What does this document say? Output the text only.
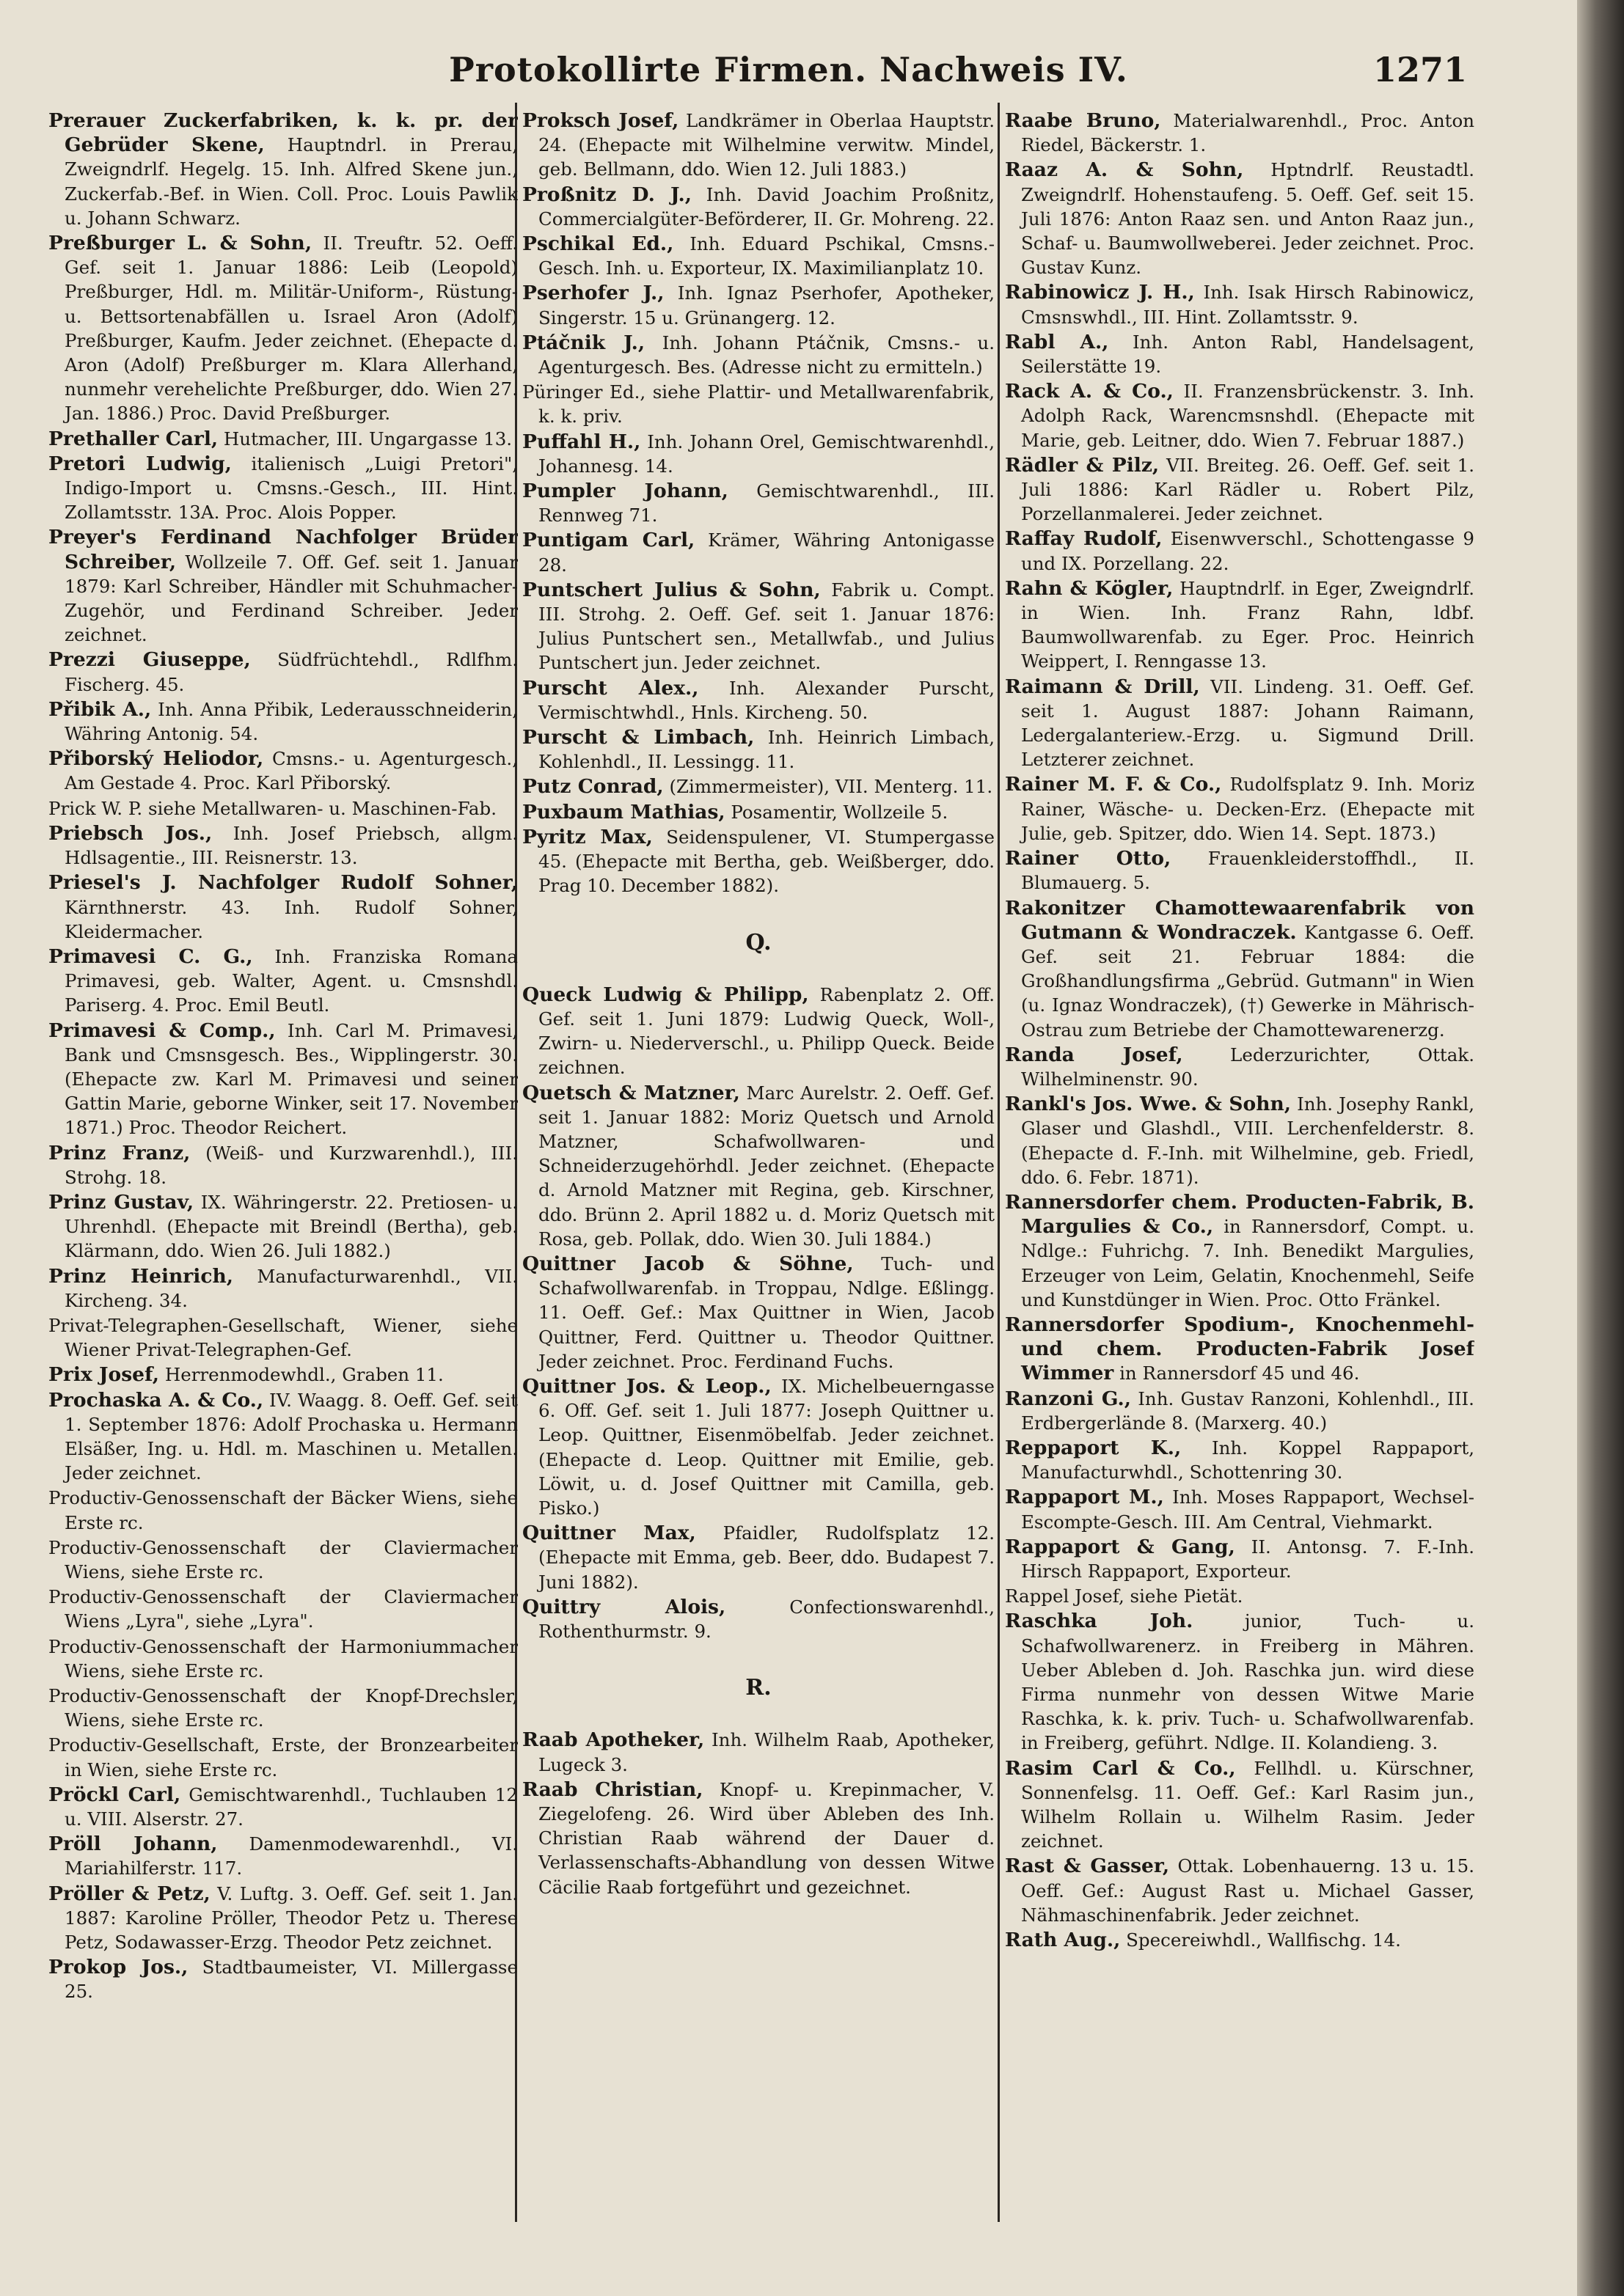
Protokollirte Firmen. Nachweis IV.	1271
Prerauer Zuckerfabriken, k. k. pr. der Gebrüder Skene, Hauptndrl. in Prerau, Zweigndrlf. Hegelg. 15. Inh. Alfred Skene jun., Zuckerfab.-Bef. in Wien. Coll. Proc. Louis Pawlik u. Johann Schwarz.
Preßburger L. & Sohn, II. Treuftr. 52. Oeff. Gef. seit 1. Januar 1886: Leib (Leopold) Preßburger, Hdl. m. Militär-Uniform-, Rüstung- u. Bettsortenabfällen u. Israel Aron (Adolf) Preßburger, Kaufm. Jeder zeichnet. (Ehepacte d. Aron (Adolf) Preßburger m. Klara Allerhand, nunmehr verehelichte Preßburger, ddo. Wien 27. Jan. 1886.) Proc. David Preßburger.
Prethaller Carl, Hutmacher, III. Ungargasse 13.
Pretori Ludwig, italienisch „Luigi Pretori", Indigo-Import u. Cmsns.-Gesch., III. Hint. Zollamtsstr. 13A. Proc. Alois Popper.
Preyer's Ferdinand Nachfolger Brüder Schreiber, Wollzeile 7. Off. Gef. seit 1. Januar 1879: Karl Schreiber, Händler mit Schuhmacher-Zugehör, und Ferdinand Schreiber. Jeder zeichnet.
Prezzi Giuseppe, Südfrüchtehdl., Rdlfhm. Fischerg. 45.
Přibik A., Inh. Anna Přibik, Lederausschneiderin, Währing Antonig. 54.
Přiborský Heliodor, Cmsns.- u. Agenturgesch., Am Gestade 4. Proc. Karl Přiborský.
Prick W. P. siehe Metallwaren- u. Maschinen-Fab.
Priebsch Jos., Inh. Josef Priebsch, allgm. Hdlsagentie., III. Reisnerstr. 13.
Priesel's J. Nachfolger Rudolf Sohner, Kärnthnerstr. 43. Inh. Rudolf Sohner, Kleidermacher.
Primavesi C. G., Inh. Franziska Romana Primavesi, geb. Walter, Agent. u. Cmsnshdl. Pariserg. 4. Proc. Emil Beutl.
Primavesi & Comp., Inh. Carl M. Primavesi, Bank und Cmsnsgesch. Bes., Wipplingerstr. 30. (Ehepacte zw. Karl M. Primavesi und seiner Gattin Marie, geborne Winker, seit 17. November 1871.) Proc. Theodor Reichert.
Prinz Franz, (Weiß- und Kurzwarenhdl.), III. Strohg. 18.
Prinz Gustav, IX. Währingerstr. 22. Pretiosen- u. Uhrenhdl. (Ehepacte mit Breindl (Bertha), geb. Klärmann, ddo. Wien 26. Juli 1882.)
Prinz Heinrich, Manufacturwarenhdl., VII. Kircheng. 34.
Privat-Telegraphen-Gesellschaft, Wiener, siehe Wiener Privat-Telegraphen-Gef.
Prix Josef, Herrenmodewhdl., Graben 11.
Prochaska A. & Co., IV. Waagg. 8. Oeff. Gef. seit 1. September 1876: Adolf Prochaska u. Hermann Elsäßer, Ing. u. Hdl. m. Maschinen u. Metallen. Jeder zeichnet.
Productiv-Genossenschaft der Bäcker Wiens, siehe Erste rc.
Productiv-Genossenschaft der Claviermacher Wiens, siehe Erste rc.
Productiv-Genossenschaft der Claviermacher Wiens „Lyra", siehe „Lyra".
Productiv-Genossenschaft der Harmoniummacher Wiens, siehe Erste rc.
Productiv-Genossenschaft der Knopf-Drechsler, Wiens, siehe Erste rc.
Productiv-Gesellschaft, Erste, der Bronzearbeiter in Wien, siehe Erste rc.
Pröckl Carl, Gemischtwarenhdl., Tuchlauben 12 u. VIII. Alserstr. 27.
Pröll Johann, Damenmodewarenhdl., VI. Mariahilferstr. 117.
Pröller & Petz, V. Luftg. 3. Oeff. Gef. seit 1. Jan. 1887: Karoline Pröller, Theodor Petz u. Therese Petz, Sodawasser-Erzg. Theodor Petz zeichnet.
Prokop Jos., Stadtbaumeister, VI. Millergasse 25.
Proksch Josef, Landkrämer in Oberlaa Hauptstr. 24. (Ehepacte mit Wilhelmine verwitw. Mindel, geb. Bellmann, ddo. Wien 12. Juli 1883.)
Proßnitz D. J., Inh. David Joachim Proßnitz, Commercialgüter-Beförderer, II. Gr. Mohreng. 22.
Pschikal Ed., Inh. Eduard Pschikal, Cmsns.-Gesch. Inh. u. Exporteur, IX. Maximilianplatz 10.
Pserhofer J., Inh. Ignaz Pserhofer, Apotheker, Singerstr. 15 u. Grünangerg. 12.
Ptáčnik J., Inh. Johann Ptáčnik, Cmsns.- u. Agenturgesch. Bes. (Adresse nicht zu ermitteln.)
Püringer Ed., siehe Plattir- und Metallwarenfabrik, k. k. priv.
Puffahl H., Inh. Johann Orel, Gemischtwarenhdl., Johannesg. 14.
Pumpler Johann, Gemischtwarenhdl., III. Rennweg 71.
Puntigam Carl, Krämer, Währing Antonigasse 28.
Puntschert Julius & Sohn, Fabrik u. Compt. III. Strohg. 2. Oeff. Gef. seit 1. Januar 1876: Julius Puntschert sen., Metallwfab., und Julius Puntschert jun. Jeder zeichnet.
Purscht Alex., Inh. Alexander Purscht, Vermischtwhdl., Hnls. Kircheng. 50.
Purscht & Limbach, Inh. Heinrich Limbach, Kohlenhdl., II. Lessingg. 11.
Putz Conrad, (Zimmermeister), VII. Menterg. 11.
Puxbaum Mathias, Posamentir, Wollzeile 5.
Pyritz Max, Seidenspulener, VI. Stumpergasse 45. (Ehepacte mit Bertha, geb. Weißberger, ddo. Prag 10. December 1882).
Q.
Queck Ludwig & Philipp, Rabenplatz 2. Off. Gef. seit 1. Juni 1879: Ludwig Queck, Woll-, Zwirn- u. Niederverschl., u. Philipp Queck. Beide zeichnen.
Quetsch & Matzner, Marc Aurelstr. 2. Oeff. Gef. seit 1. Januar 1882: Moriz Quetsch und Arnold Matzner, Schafwollwaren- und Schneiderzugehörhdl. Jeder zeichnet. (Ehepacte d. Arnold Matzner mit Regina, geb. Kirschner, ddo. Brünn 2. April 1882 u. d. Moriz Quetsch mit Rosa, geb. Pollak, ddo. Wien 30. Juli 1884.)
Quittner Jacob & Söhne, Tuch- und Schafwollwarenfab. in Troppau, Ndlge. Eßlingg. 11. Oeff. Gef.: Max Quittner in Wien, Jacob Quittner, Ferd. Quittner u. Theodor Quittner. Jeder zeichnet. Proc. Ferdinand Fuchs.
Quittner Jos. & Leop., IX. Michelbeuerngasse 6. Off. Gef. seit 1. Juli 1877: Joseph Quittner u. Leop. Quittner, Eisenmöbelfab. Jeder zeichnet. (Ehepacte d. Leop. Quittner mit Emilie, geb. Löwit, u. d. Josef Quittner mit Camilla, geb. Pisko.)
Quittner Max, Pfaidler, Rudolfsplatz 12. (Ehepacte mit Emma, geb. Beer, ddo. Budapest 7. Juni 1882).
Quittry Alois,	Confectionswarenhdl., Rothenthurmstr. 9.
R.
Raab Apotheker, Inh. Wilhelm Raab, Apotheker, Lugeck 3.
Raab Christian, Knopf- u. Krepinmacher, V. Ziegelofeng. 26. Wird über Ableben des Inh. Christian Raab während der Dauer d. Verlassenschafts-Abhandlung von dessen Witwe Cäcilie Raab fortgeführt und gezeichnet.
Raabe Bruno, Materialwarenhdl., Proc. Anton Riedel, Bäckerstr. 1.
Raaz A. & Sohn, Hptndrlf. Reustadtl. Zweigndrlf. Hohenstaufeng. 5. Oeff. Gef. seit 15. Juli 1876: Anton Raaz sen. und Anton Raaz jun., Schaf- u. Baumwollweberei. Jeder zeichnet. Proc. Gustav Kunz.
Rabinowicz J. H., Inh. Isak Hirsch Rabinowicz, Cmsnswhdl., III. Hint. Zollamtsstr. 9.
Rabl A., Inh. Anton Rabl, Handelsagent, Seilerstätte 19.
Rack A. & Co., II. Franzensbrückenstr. 3. Inh. Adolph Rack, Warencmsnshdl. (Ehepacte mit Marie, geb. Leitner, ddo. Wien 7. Februar 1887.)
Rädler & Pilz, VII. Breiteg. 26. Oeff. Gef. seit 1. Juli 1886: Karl Rädler u. Robert Pilz, Porzellanmalerei. Jeder zeichnet.
Raffay Rudolf, Eisenwverschl., Schottengasse 9 und IX. Porzellang. 22.
Rahn & Kögler, Hauptndrlf. in Eger, Zweigndrlf. in Wien. Inh. Franz Rahn, ldbf. Baumwollwarenfab. zu Eger. Proc. Heinrich Weippert, I. Renngasse 13.
Raimann & Drill, VII. Lindeng. 31. Oeff. Gef. seit 1. August 1887: Johann Raimann, Ledergalanteriew.-Erzg. u. Sigmund Drill. Letzterer zeichnet.
Rainer M. F. & Co., Rudolfsplatz 9. Inh. Moriz Rainer, Wäsche- u. Decken-Erz. (Ehepacte mit Julie, geb. Spitzer, ddo. Wien 14. Sept. 1873.)
Rainer Otto, Frauenkleiderstoffhdl., II. Blumauerg. 5.
Rakonitzer Chamottewaarenfabrik von Gutmann & Wondraczek. Kantgasse 6. Oeff. Gef. seit 21. Februar 1884: die Großhandlungsfirma „Gebrüd. Gutmann" in Wien (u. Ignaz Wondraczek), (†) Gewerke in Mährisch-Ostrau zum Betriebe der Chamottewarenerzg.
Randa Josef,	Lederzurichter, Ottak. Wilhelminenstr. 90.
Rankl's Jos. Wwe. & Sohn, Inh. Josephy Rankl, Glaser und Glashdl., VIII. Lerchenfelderstr. 8. (Ehepacte d. F.-Inh. mit Wilhelmine, geb. Friedl, ddo. 6. Febr. 1871).
Rannersdorfer chem. Producten-Fabrik, B. Margulies & Co., in Rannersdorf, Compt. u. Ndlge.: Fuhrichg. 7. Inh. Benedikt Margulies, Erzeuger von Leim, Gelatin, Knochenmehl, Seife und Kunstdünger in Wien. Proc. Otto Fränkel.
Rannersdorfer Spodium-, Knochenmehl- und chem. Producten-Fabrik Josef Wimmer in Rannersdorf 45 und 46.
Ranzoni G., Inh. Gustav Ranzoni, Kohlenhdl., III. Erdbergerlände 8. (Marxerg. 40.)
Reppaport K., Inh. Koppel Rappaport, Manufacturwhdl., Schottenring 30.
Rappaport M., Inh. Moses Rappaport, Wechsel-Escompte-Gesch. III. Am Central, Viehmarkt.
Rappaport & Gang, II. Antonsg. 7. F.-Inh. Hirsch Rappaport, Exporteur.
Rappel Josef, siehe Pietät.
Raschka Joh.	junior, Tuch- u. Schafwollwarenerz. in Freiberg in Mähren. Ueber Ableben d. Joh. Raschka jun. wird diese Firma nunmehr von dessen Witwe Marie Raschka, k. k. priv. Tuch- u. Schafwollwarenfab. in Freiberg, geführt. Ndlge. II. Kolandieng. 3.
Rasim Carl & Co., Fellhdl. u. Kürschner, Sonnenfelsg. 11. Oeff. Gef.: Karl Rasim jun., Wilhelm Rollain u. Wilhelm Rasim. Jeder zeichnet.
Rast & Gasser, Ottak. Lobenhauerng. 13 u. 15. Oeff. Gef.: August Rast u. Michael Gasser, Nähmaschinenfabrik. Jeder zeichnet.
Rath Aug., Specereiwhdl., Wallfischg. 14.
